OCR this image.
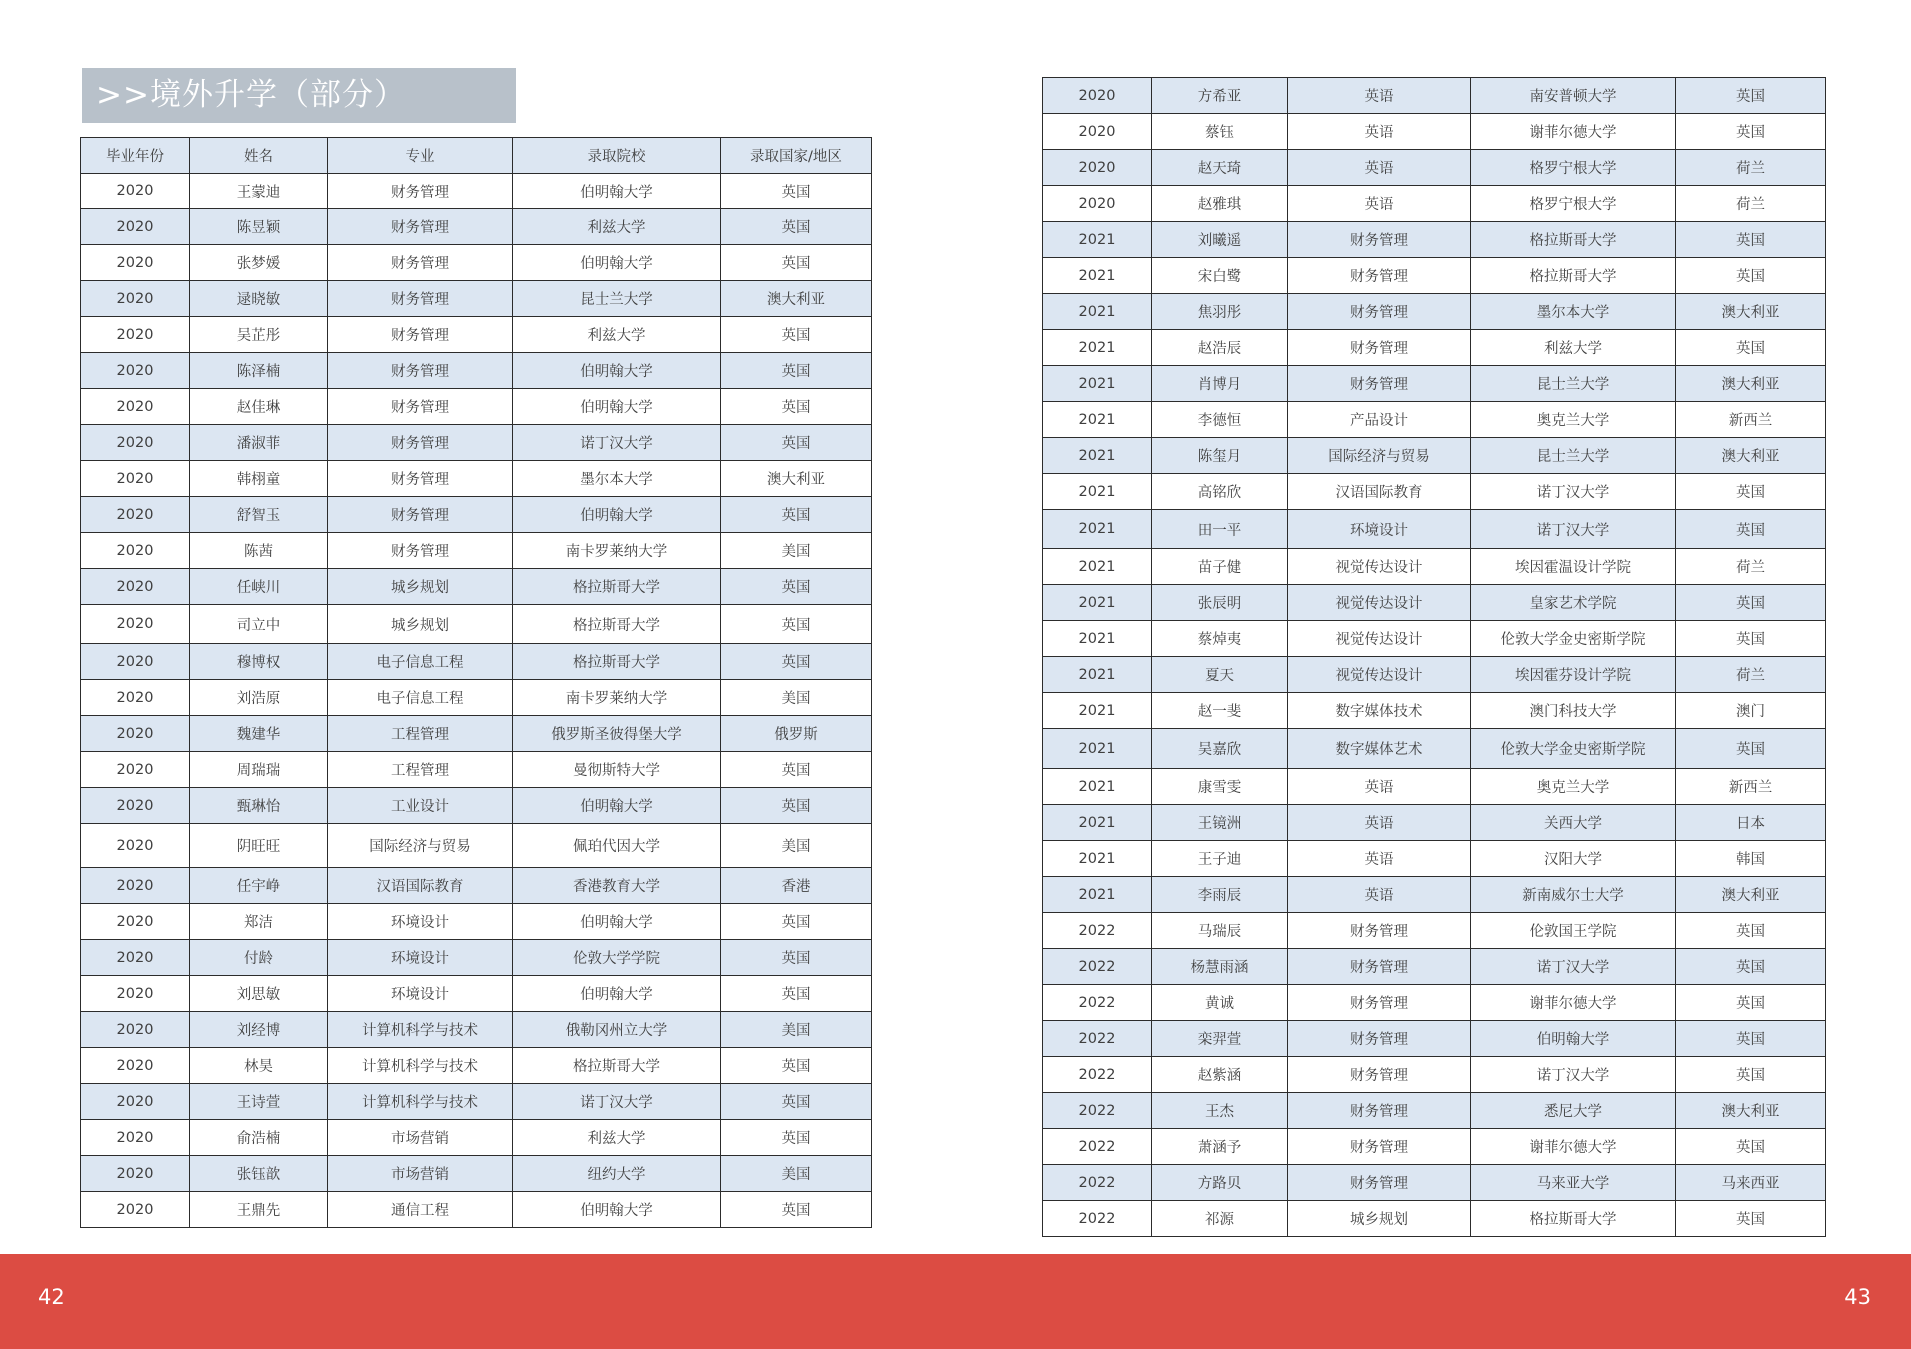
>>境外升学（部分）
毕业年份	姓名	专业	录取院校	录取国家/地区
2020	王蒙迪	财务管理	伯明翰大学	英国
2020	陈昱颖	财务管理	利兹大学	英国
2020	张梦媛	财务管理	伯明翰大学	英国
2020	逯晓敏	财务管理	昆士兰大学	澳大利亚
2020	吴芷彤	财务管理	利兹大学	英国
2020	陈泽楠	财务管理	伯明翰大学	英国
2020	赵佳琳	财务管理	伯明翰大学	英国
2020	潘淑菲	财务管理	诺丁汉大学	英国
2020	韩栩童	财务管理	墨尔本大学	澳大利亚
2020	舒智玉	财务管理	伯明翰大学	英国
2020	陈茜	财务管理	南卡罗莱纳大学	美国
2020	任峡川	城乡规划	格拉斯哥大学	英国
2020	司立中	城乡规划	格拉斯哥大学	英国
2020	穆博权	电子信息工程	格拉斯哥大学	英国
2020	刘浩原	电子信息工程	南卡罗莱纳大学	美国
2020	魏建华	工程管理	俄罗斯圣彼得堡大学	俄罗斯
2020	周瑞瑞	工程管理	曼彻斯特大学	英国
2020	甄琳怡	工业设计	伯明翰大学	英国
2020	阴旺旺	国际经济与贸易	佩珀代因大学	美国
2020	任宇峥	汉语国际教育	香港教育大学	香港
2020	郑洁	环境设计	伯明翰大学	英国
2020	付龄	环境设计	伦敦大学学院	英国
2020	刘思敏	环境设计	伯明翰大学	英国
2020	刘经博	计算机科学与技术	俄勒冈州立大学	美国
2020	林昊	计算机科学与技术	格拉斯哥大学	英国
2020	王诗萱	计算机科学与技术	诺丁汉大学	英国
2020	俞浩楠	市场营销	利兹大学	英国
2020	张钰歆	市场营销	纽约大学	美国
2020	王鼎先	通信工程	伯明翰大学	英国
2020	方希亚	英语	南安普顿大学	英国
2020	蔡钰	英语	谢菲尔德大学	英国
2020	赵天琦	英语	格罗宁根大学	荷兰
2020	赵雅琪	英语	格罗宁根大学	荷兰
2021	刘曦遥	财务管理	格拉斯哥大学	英国
2021	宋白鹭	财务管理	格拉斯哥大学	英国
2021	焦羽彤	财务管理	墨尔本大学	澳大利亚
2021	赵浩辰	财务管理	利兹大学	英国
2021	肖博月	财务管理	昆士兰大学	澳大利亚
2021	李德恒	产品设计	奥克兰大学	新西兰
2021	陈玺月	国际经济与贸易	昆士兰大学	澳大利亚
2021	高铭欣	汉语国际教育	诺丁汉大学	英国
2021	田一平	环境设计	诺丁汉大学	英国
2021	苗子健	视觉传达设计	埃因霍温设计学院	荷兰
2021	张辰明	视觉传达设计	皇家艺术学院	英国
2021	蔡焯夷	视觉传达设计	伦敦大学金史密斯学院	英国
2021	夏天	视觉传达设计	埃因霍芬设计学院	荷兰
2021	赵一斐	数字媒体技术	澳门科技大学	澳门
2021	吴嘉欣	数字媒体艺术	伦敦大学金史密斯学院	英国
2021	康雪雯	英语	奥克兰大学	新西兰
2021	王镜洲	英语	关西大学	日本
2021	王子迪	英语	汉阳大学	韩国
2021	李雨辰	英语	新南威尔士大学	澳大利亚
2022	马瑞辰	财务管理	伦敦国王学院	英国
2022	杨慧雨涵	财务管理	诺丁汉大学	英国
2022	黄诚	财务管理	谢菲尔德大学	英国
2022	栾羿萱	财务管理	伯明翰大学	英国
2022	赵紫涵	财务管理	诺丁汉大学	英国
2022	王杰	财务管理	悉尼大学	澳大利亚
2022	萧涵予	财务管理	谢菲尔德大学	英国
2022	方路贝	财务管理	马来亚大学	马来西亚
2022	祁源	城乡规划	格拉斯哥大学	英国
42	43
